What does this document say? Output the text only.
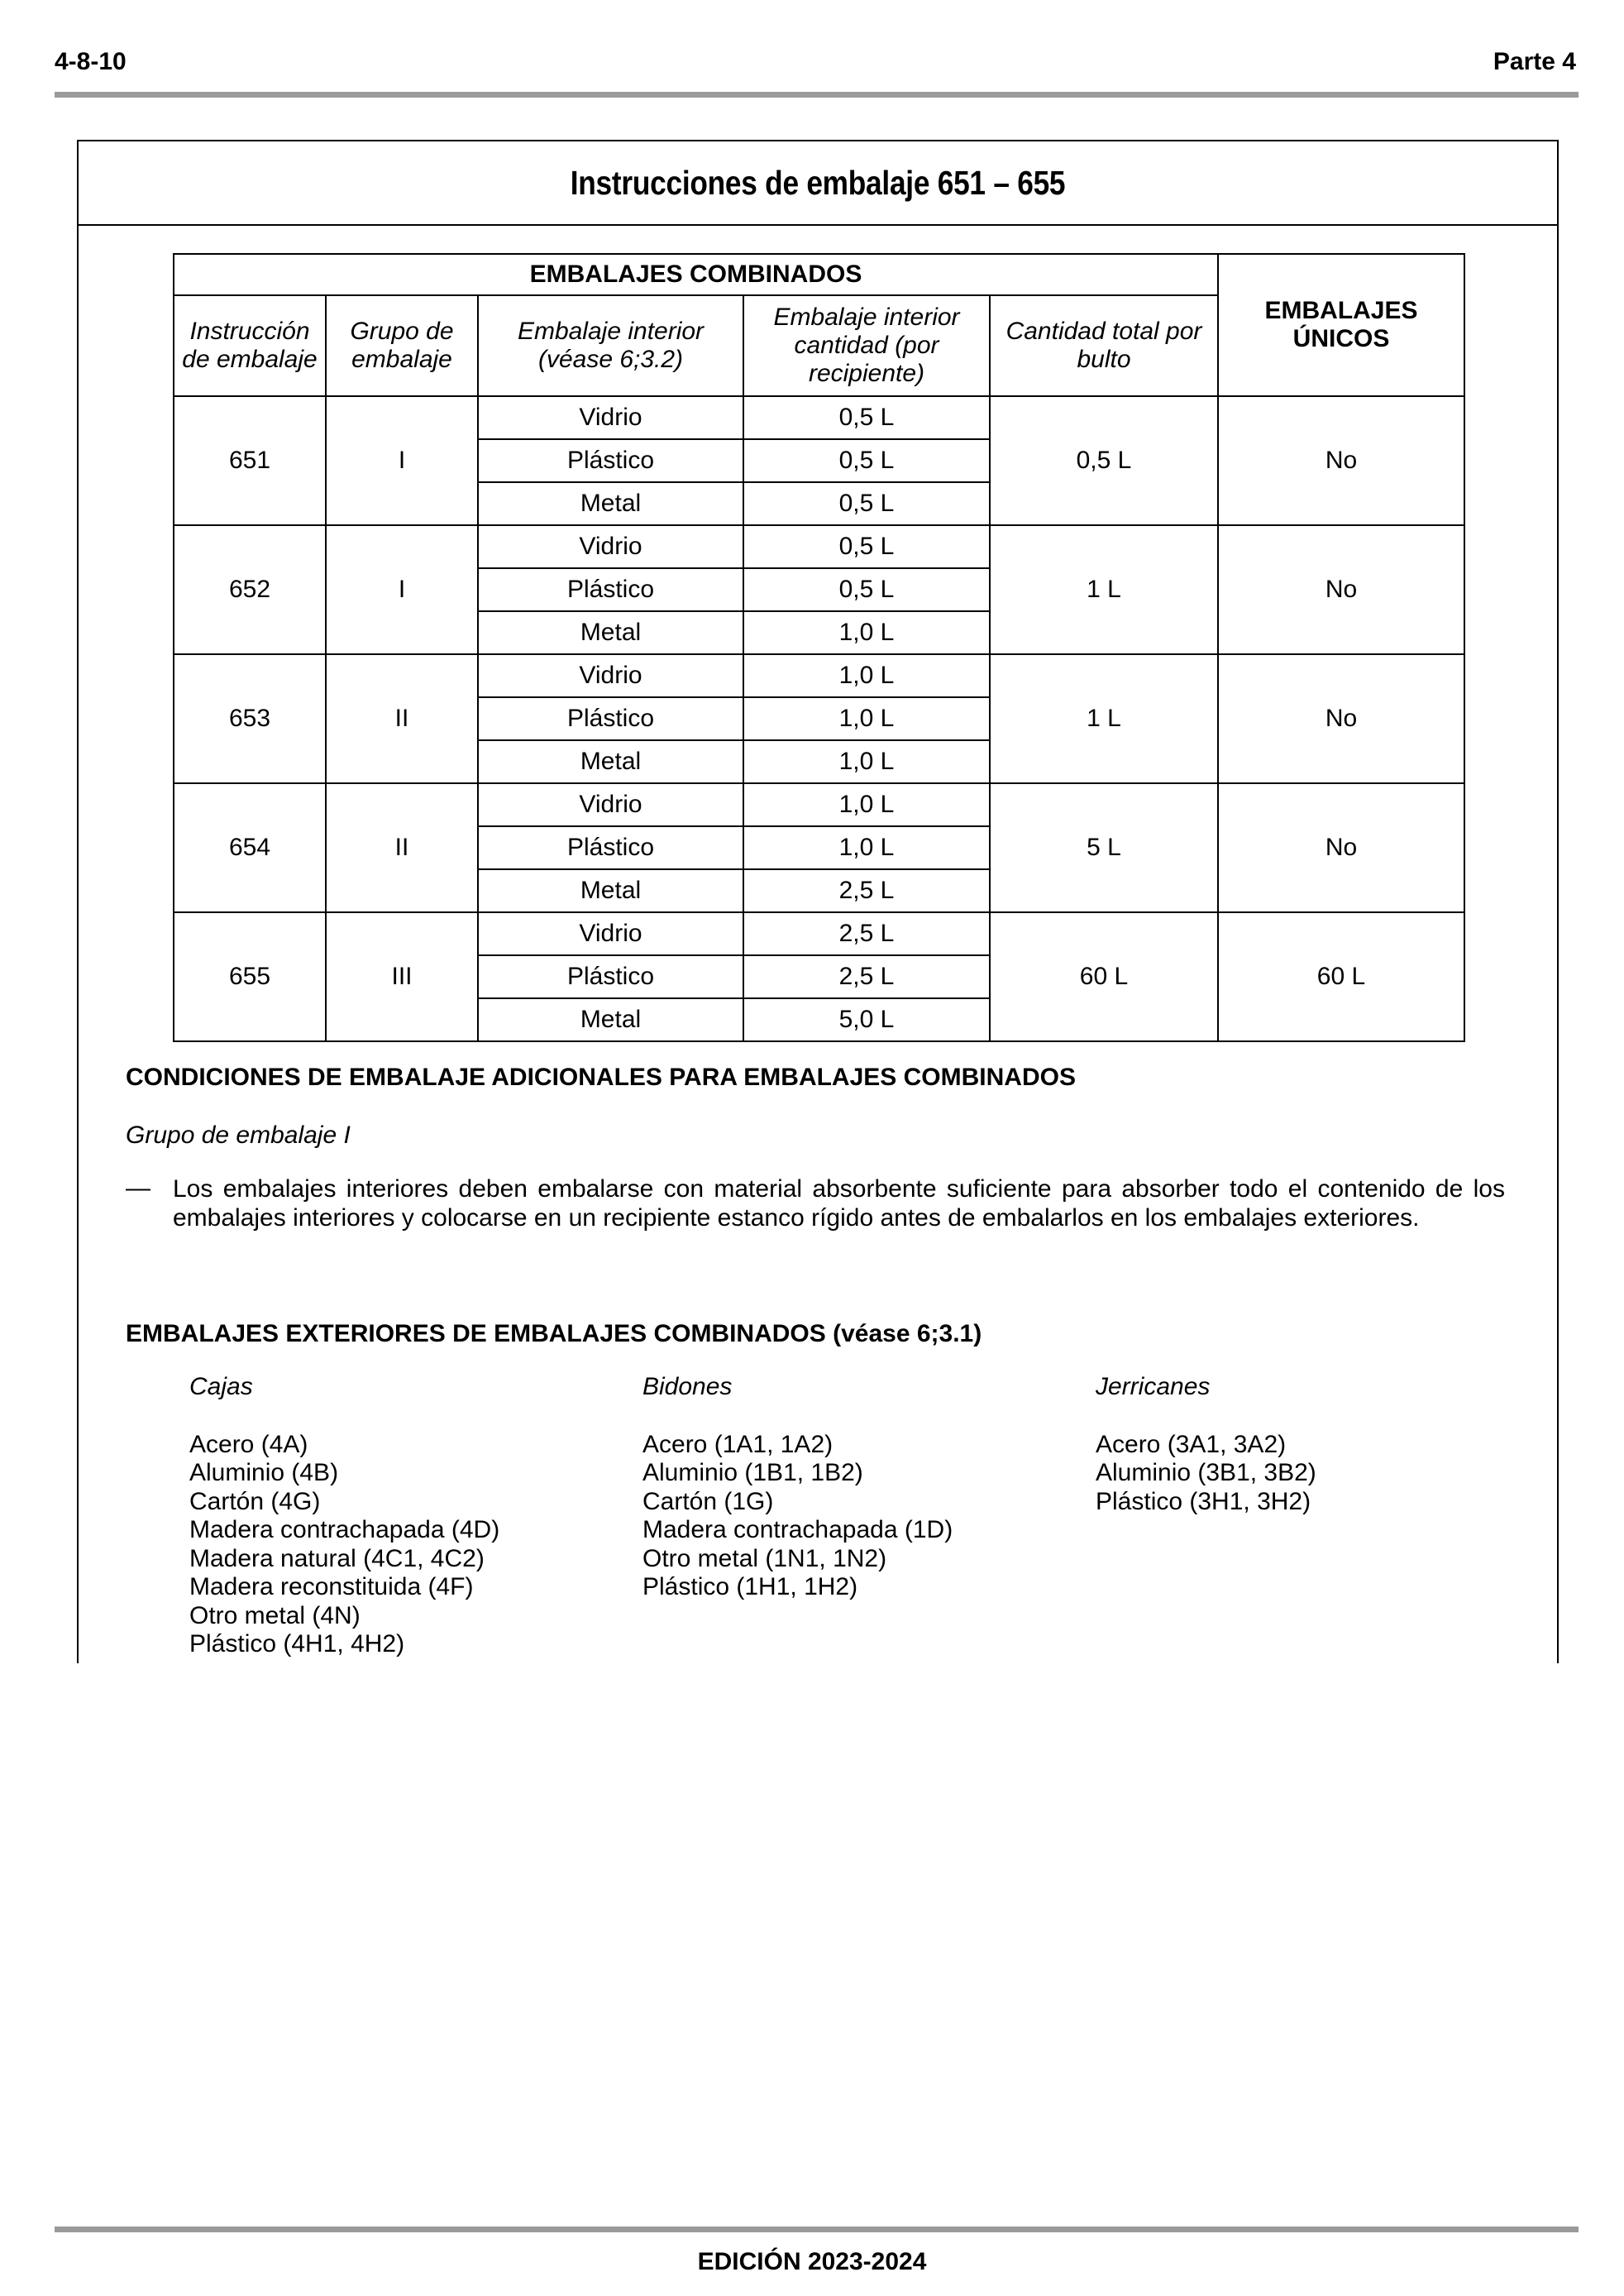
4-8-10	Parte 4
Instrucciones de embalaje 651 – 655
EMBALAJES COMBINADOS					EMBALAJES ÚNICOS
Instrucción de embalaje	Grupo de embalaje	Embalaje interior (véase 6;3.2)	Embalaje interior cantidad (por recipiente)	Cantidad total por bulto	
651	I	Vidrio	0,5 L	0,5 L	No
		Plástico	0,5 L		
		Metal	0,5 L		
652	I	Vidrio	0,5 L	1 L	No
		Plástico	0,5 L		
		Metal	1,0 L		
653	II	Vidrio	1,0 L	1 L	No
		Plástico	1,0 L		
		Metal	1,0 L		
654	II	Vidrio	1,0 L	5 L	No
		Plástico	1,0 L		
		Metal	2,5 L		
655	III	Vidrio	2,5 L	60 L	60 L
		Plástico	2,5 L		
		Metal	5,0 L		
CONDICIONES DE EMBALAJE ADICIONALES PARA EMBALAJES COMBINADOS
Grupo de embalaje I
— Los embalajes interiores deben embalarse con material absorbente suficiente para absorber todo el contenido de los embalajes interiores y colocarse en un recipiente estanco rígido antes de embalarlos en los embalajes exteriores.
EMBALAJES EXTERIORES DE EMBALAJES COMBINADOS (véase 6;3.1)
Cajas
Acero (4A)
Aluminio (4B)
Cartón (4G)
Madera contrachapada (4D)
Madera natural (4C1, 4C2)
Madera reconstituida (4F)
Otro metal (4N)
Plástico (4H1, 4H2)
Bidones
Acero (1A1, 1A2)
Aluminio (1B1, 1B2)
Cartón (1G)
Madera contrachapada (1D)
Otro metal (1N1, 1N2)
Plástico (1H1, 1H2)
Jerricanes
Acero (3A1, 3A2)
Aluminio (3B1, 3B2)
Plástico (3H1, 3H2)
EDICIÓN 2023-2024
